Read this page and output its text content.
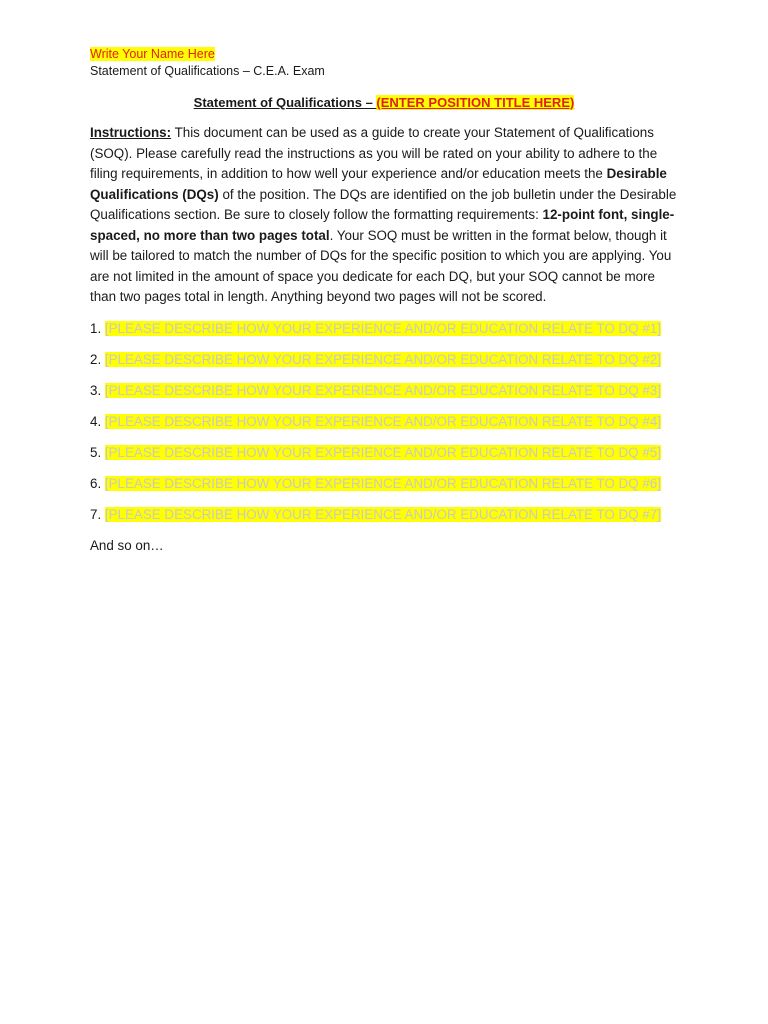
Write Your Name Here

Statement of Qualifications – C.E.A. Exam

Statement of Qualifications – (ENTER POSITION TITLE HERE)

Instructions: This document can be used as a guide to create your Statement of Qualifications (SOQ). Please carefully read the instructions as you will be rated on your ability to adhere to the filing requirements, in addition to how well your experience and/or education meets the Desirable Qualifications (DQs) of the position. The DQs are identified on the job bulletin under the Desirable Qualifications section. Be sure to closely follow the formatting requirements: 12-point font, single-spaced, no more than two pages total. Your SOQ must be written in the format below, though it will be tailored to match the number of DQs for the specific position to which you are applying. You are not limited in the amount of space you dedicate for each DQ, but your SOQ cannot be more than two pages total in length. Anything beyond two pages will not be scored.

1. [PLEASE DESCRIBE HOW YOUR EXPERIENCE AND/OR EDUCATION RELATE TO DQ #1]

2. [PLEASE DESCRIBE HOW YOUR EXPERIENCE AND/OR EDUCATION RELATE TO DQ #2]

3. [PLEASE DESCRIBE HOW YOUR EXPERIENCE AND/OR EDUCATION RELATE TO DQ #3]

4. [PLEASE DESCRIBE HOW YOUR EXPERIENCE AND/OR EDUCATION RELATE TO DQ #4]

5. [PLEASE DESCRIBE HOW YOUR EXPERIENCE AND/OR EDUCATION RELATE TO DQ #5]

6. [PLEASE DESCRIBE HOW YOUR EXPERIENCE AND/OR EDUCATION RELATE TO DQ #6]

7. [PLEASE DESCRIBE HOW YOUR EXPERIENCE AND/OR EDUCATION RELATE TO DQ #7]

And so on…
